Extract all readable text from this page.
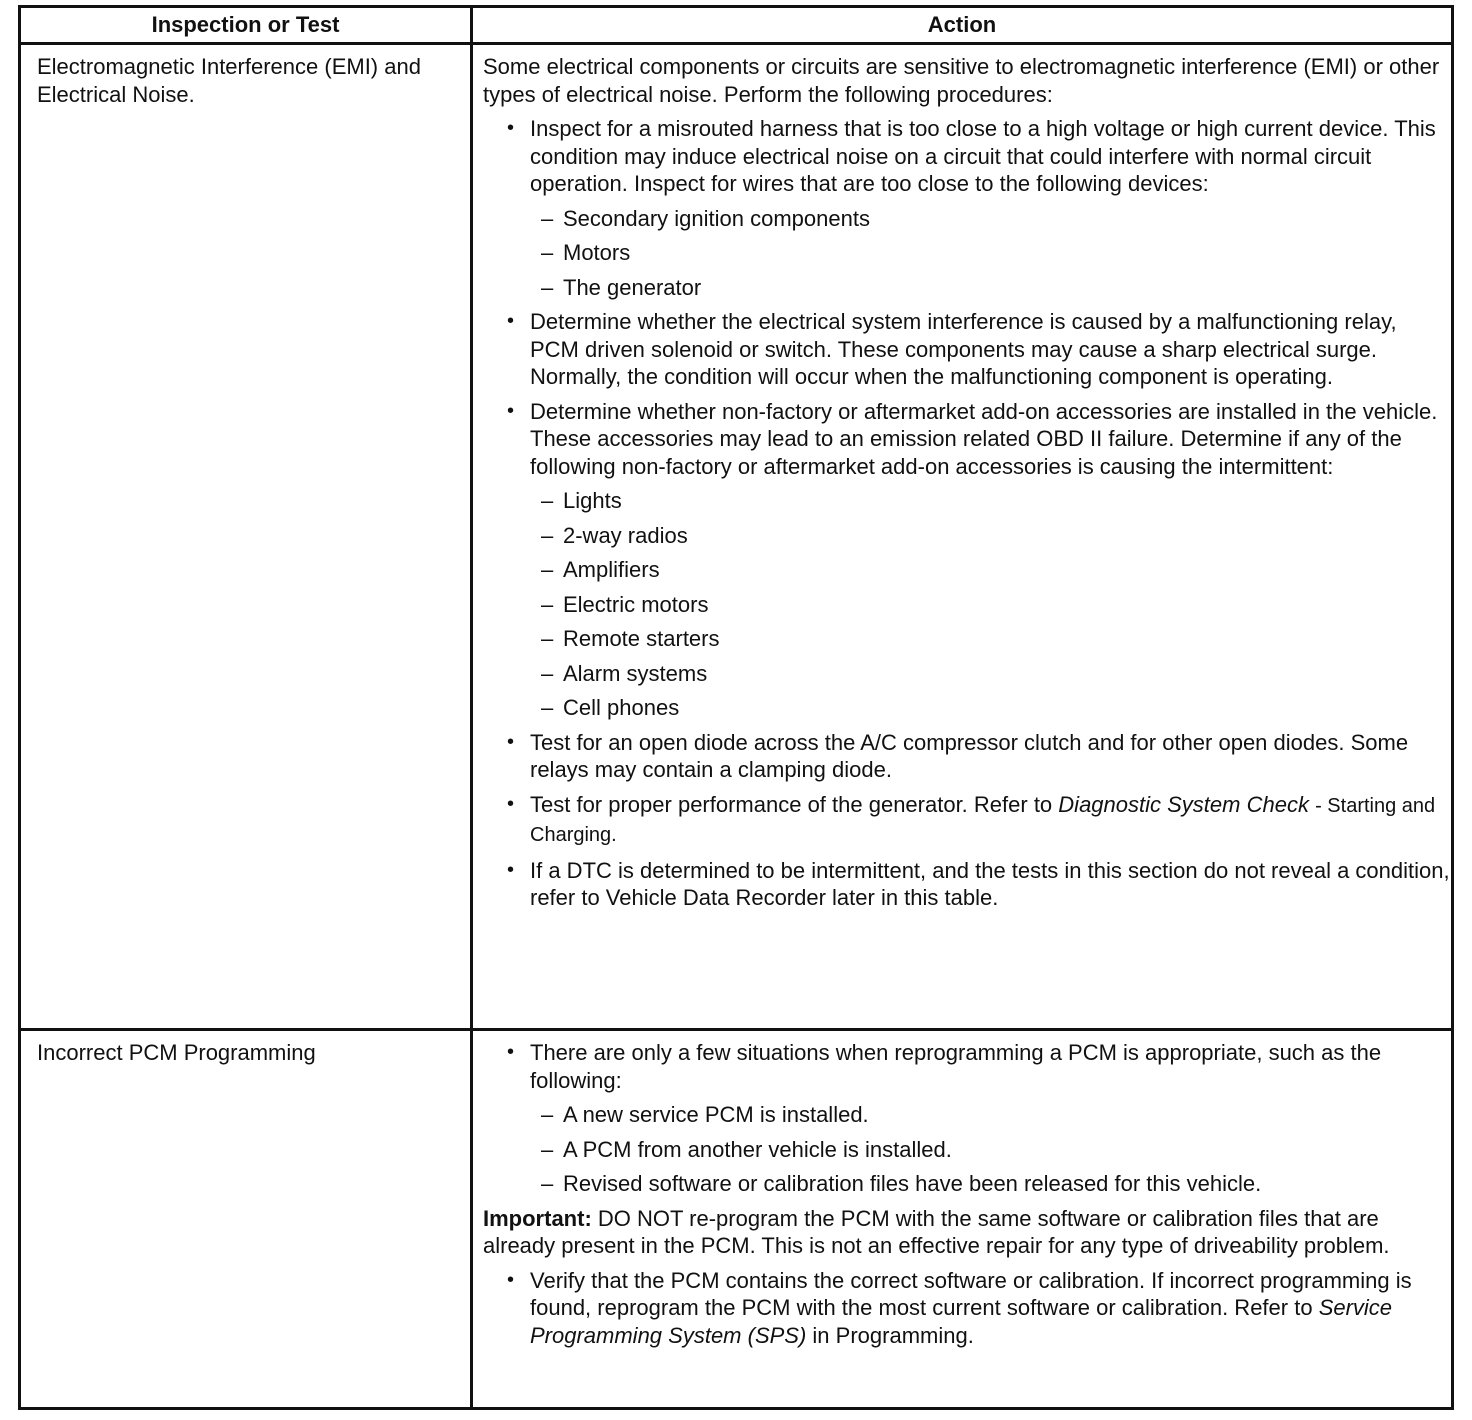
Inspection or Test	Action
Electromagnetic Interference (EMI) and Electrical Noise.

Some electrical components or circuits are sensitive to electromagnetic interference (EMI) or other types of electrical noise. Perform the following procedures:

• Inspect for a misrouted harness that is too close to a high voltage or high current device. This condition may induce electrical noise on a circuit that could interfere with normal circuit operation. Inspect for wires that are too close to the following devices:
– Secondary ignition components
– Motors
– The generator
• Determine whether the electrical system interference is caused by a malfunctioning relay, PCM driven solenoid or switch. These components may cause a sharp electrical surge. Normally, the condition will occur when the malfunctioning component is operating.
• Determine whether non-factory or aftermarket add-on accessories are installed in the vehicle. These accessories may lead to an emission related OBD II failure. Determine if any of the following non-factory or aftermarket add-on accessories is causing the intermittent:
– Lights
– 2-way radios
– Amplifiers
– Electric motors
– Remote starters
– Alarm systems
– Cell phones
• Test for an open diode across the A/C compressor clutch and for other open diodes. Some relays may contain a clamping diode.
• Test for proper performance of the generator. Refer to Diagnostic System Check - Starting and Charging.
• If a DTC is determined to be intermittent, and the tests in this section do not reveal a condition, refer to Vehicle Data Recorder later in this table.
Incorrect PCM Programming	• There are only a few situations when reprogramming a PCM is appropriate, such as the following:
– A new service PCM is installed.
– A PCM from another vehicle is installed.
– Revised software or calibration files have been released for this vehicle.

Important: DO NOT re-program the PCM with the same software or calibration files that are already present in the PCM. This is not an effective repair for any type of driveability problem.

• Verify that the PCM contains the correct software or calibration. If incorrect programming is found, reprogram the PCM with the most current software or calibration. Refer to Service Programming System (SPS) in Programming.
